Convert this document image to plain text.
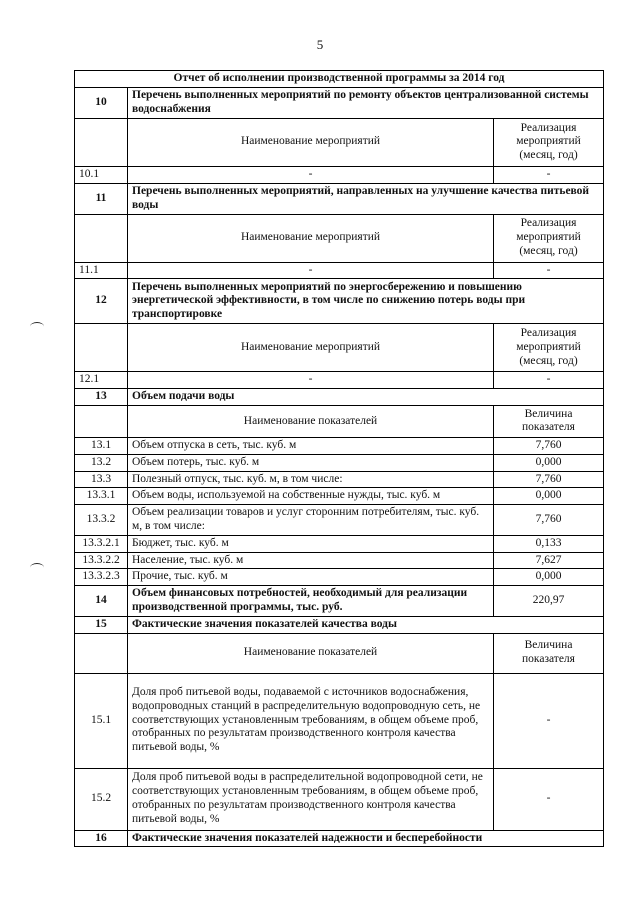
5
Отчет об исполнении производственной программы за 2014 год		
10	Перечень выполненных мероприятий по ремонту объектов централизованной системы водоснабжения	
	Наименование мероприятий	Реализация мероприятий (месяц, год)
10.1	-	-
11	Перечень выполненных мероприятий, направленных на улучшение качества питьевой воды	
	Наименование мероприятий	Реализация мероприятий (месяц, год)
11.1	-	-
12	Перечень выполненных мероприятий по энергосбережению и повышению энергетической эффективности, в том числе по снижению потерь воды при транспортировке	
	Наименование мероприятий	Реализация мероприятий (месяц, год)
12.1	-	-
13	Объем подачи воды	
	Наименование показателей	Величина показателя
13.1	Объем отпуска в сеть, тыс. куб. м	7,760
13.2	Объем потерь, тыс. куб. м	0,000
13.3	Полезный отпуск, тыс. куб. м, в том числе:	7,760
13.3.1	Объем воды, используемой на собственные нужды, тыс. куб. м	0,000
13.3.2	Объем реализации товаров и услуг сторонним потребителям, тыс. куб. м, в том числе:	7,760
13.3.2.1	Бюджет, тыс. куб. м	0,133
13.3.2.2	Население, тыс. куб. м	7,627
13.3.2.3	Прочие, тыс. куб. м	0,000
14	Объем финансовых потребностей, необходимый для реализации производственной программы, тыс. руб.	220,97
15	Фактические значения показателей качества воды	
	Наименование показателей	Величина показателя
15.1	Доля проб питьевой воды, подаваемой с источников водоснабжения, водопроводных станций в распределительную водопроводную сеть, не соответствующих установленным требованиям, в общем объеме проб, отобранных по результатам производственного контроля качества питьевой воды, %	-
15.2	Доля проб питьевой воды в распределительной водопроводной сети, не соответствующих установленным требованиям, в общем объеме проб, отобранных по результатам производственного контроля качества питьевой воды, %	-
16	Фактические значения показателей надежности и бесперебойности	
